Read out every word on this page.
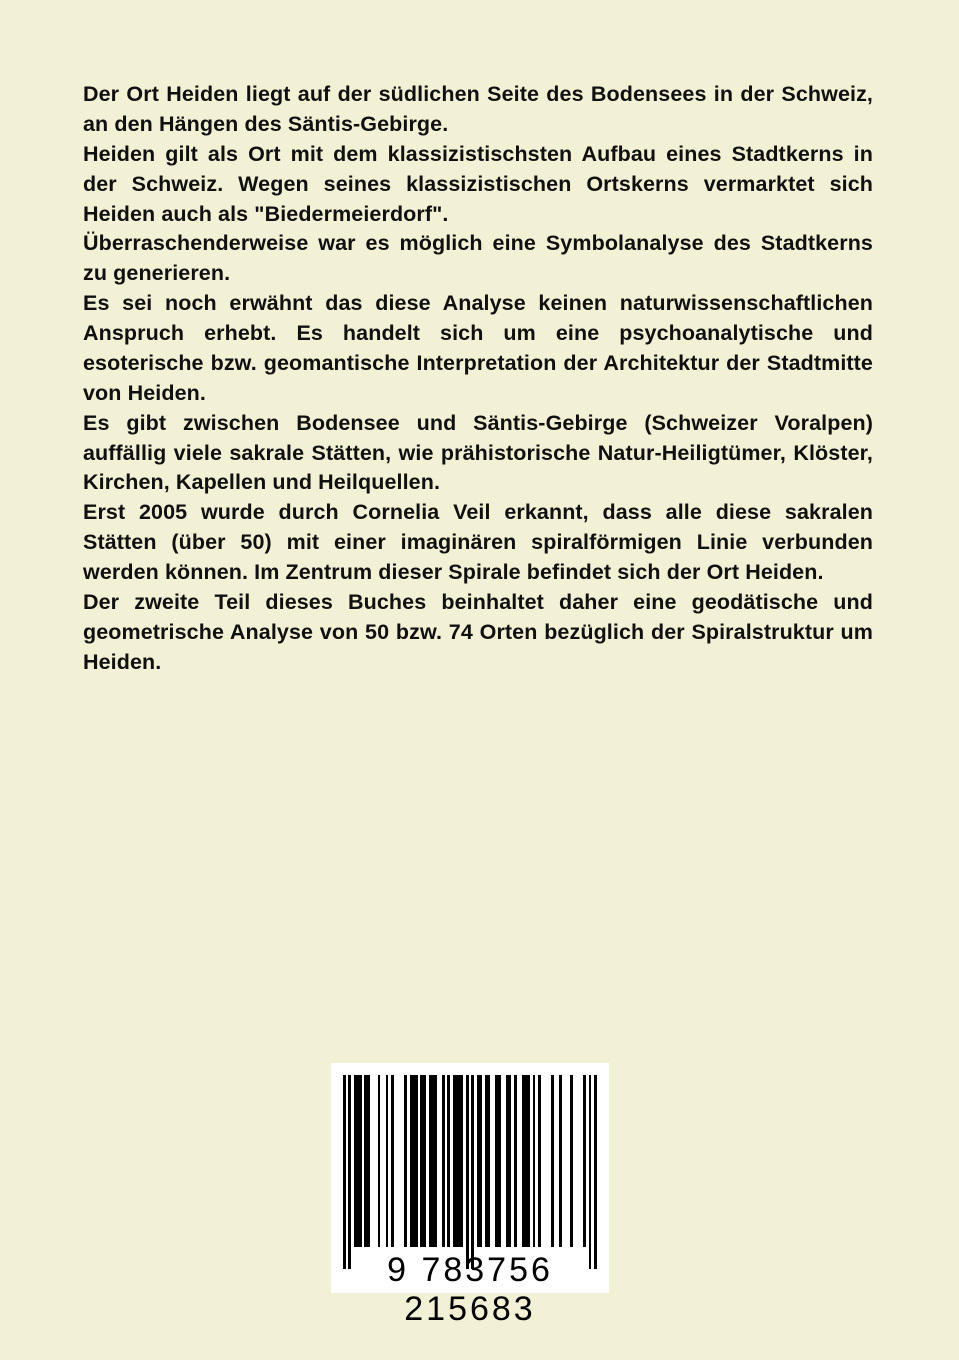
Der Ort Heiden liegt auf der südlichen Seite des Bodensees in der Schweiz, an den Hängen des Säntis-Gebirge.

Heiden gilt als Ort mit dem klassizistischsten Aufbau eines Stadtkerns in der Schweiz. Wegen seines klassizistischen Ortskerns vermarktet sich Heiden auch als "Biedermeierdorf".

Überraschenderweise war es möglich eine Symbolanalyse des Stadtkerns zu generieren.

Es sei noch erwähnt das diese Analyse keinen naturwissenschaftlichen Anspruch erhebt. Es handelt sich um eine psychoanalytische und esoterische bzw. geomantische Interpretation der Architektur der Stadtmitte von Heiden.

Es gibt zwischen Bodensee und Säntis-Gebirge (Schweizer Voralpen) auffällig viele sakrale Stätten, wie prähistorische Natur-Heiligtümer, Klöster, Kirchen, Kapellen und Heilquellen.

Erst 2005 wurde durch Cornelia Veil erkannt, dass alle diese sakralen Stätten (über 50) mit einer imaginären spiralförmigen Linie verbunden werden können. Im Zentrum dieser Spirale befindet sich der Ort Heiden.

Der zweite Teil dieses Buches beinhaltet daher eine geodätische und geometrische Analyse von 50 bzw. 74 Orten bezüglich der Spiralstruktur um Heiden.

9 783756 215683
